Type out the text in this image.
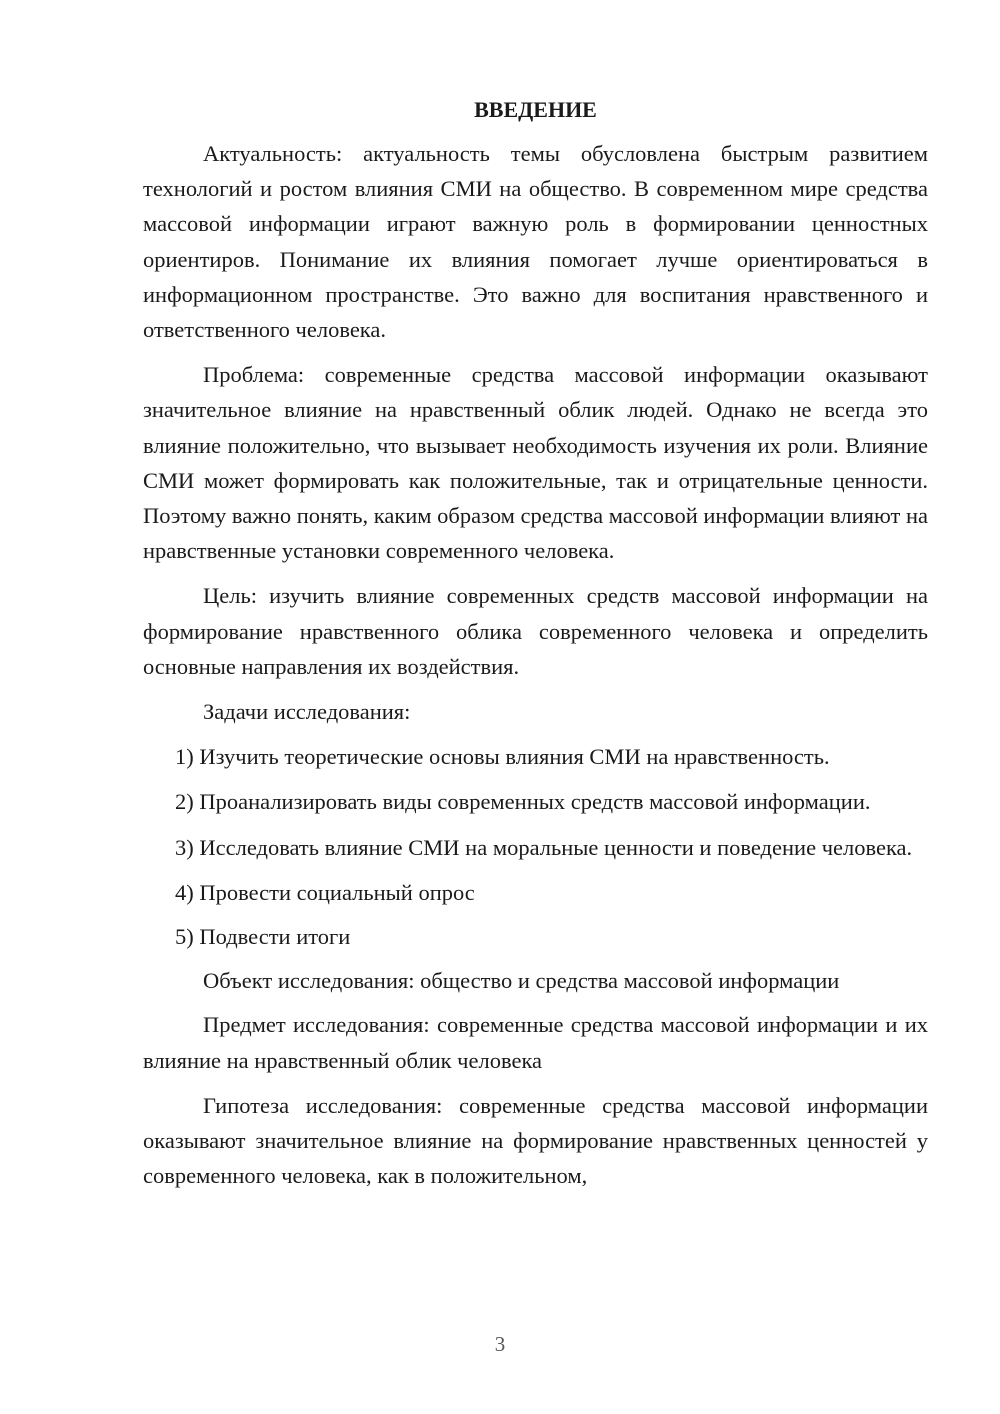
ВВЕДЕНИЕ

Актуальность: актуальность темы обусловлена быстрым развитием технологий и ростом влияния СМИ на общество. В современном мире средства массовой информации играют важную роль в формировании ценностных ориентиров. Понимание их влияния помогает лучше ориентироваться в информационном пространстве. Это важно для воспитания нравственного и ответственного человека.

Проблема: современные средства массовой информации оказывают значительное влияние на нравственный облик людей. Однако не всегда это влияние положительно, что вызывает необходимость изучения их роли. Влияние СМИ может формировать как положительные, так и отрицательные ценности. Поэтому важно понять, каким образом средства массовой информации влияют на нравственные установки современного человека.

Цель: изучить влияние современных средств массовой информации на формирование нравственного облика современного человека и определить основные направления их воздействия.

Задачи исследования:

1) Изучить теоретические основы влияния СМИ на нравственность.

2) Проанализировать виды современных средств массовой информации.

3) Исследовать влияние СМИ на моральные ценности и поведение человека.

4) Провести социальный опрос

5) Подвести итоги

Объект исследования: общество и средства массовой информации

Предмет исследования: современные средства массовой информации и их влияние на нравственный облик человека

Гипотеза исследования: современные средства массовой информации оказывают значительное влияние на формирование нравственных ценностей у современного человека, как в положительном,

3
